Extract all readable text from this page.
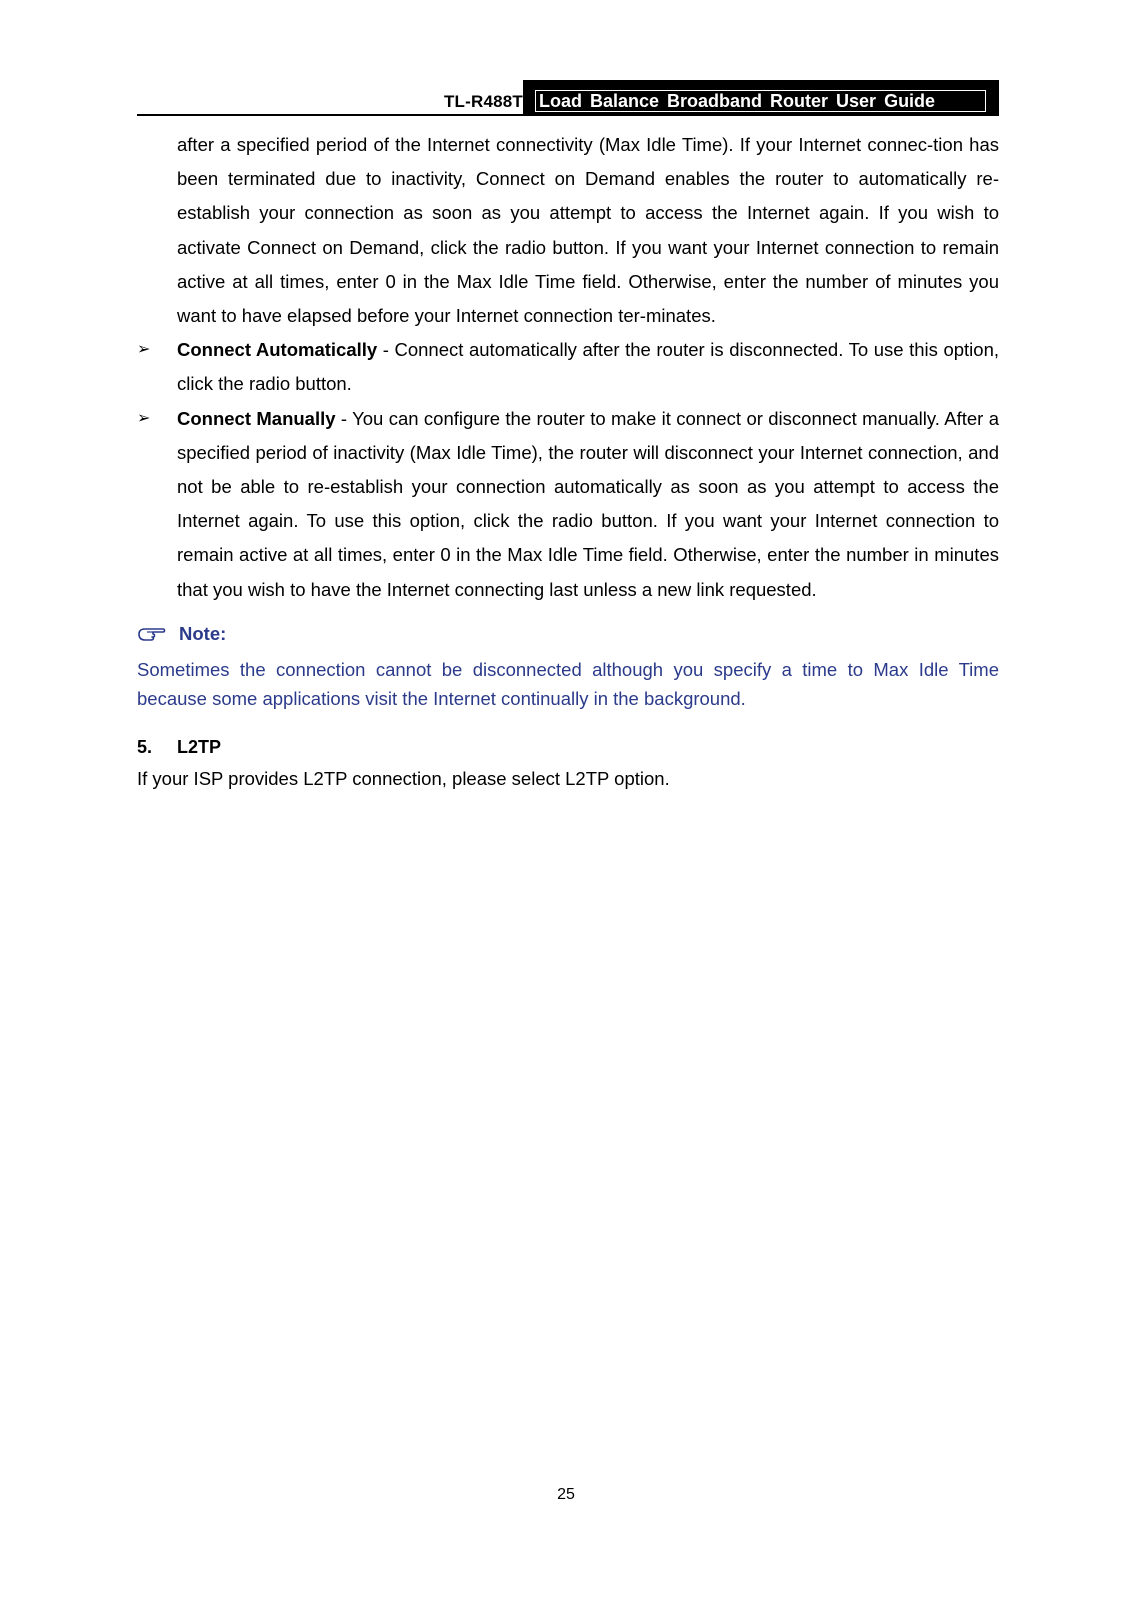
TL-R488T Load Balance Broadband Router User Guide

after a specified period of the Internet connectivity (Max Idle Time). If your Internet connec-tion has been terminated due to inactivity, Connect on Demand enables the router to automatically re-establish your connection as soon as you attempt to access the Internet again. If you wish to activate Connect on Demand, click the radio button. If you want your Internet connection to remain active at all times, enter 0 in the Max Idle Time field. Otherwise, enter the number of minutes you want to have elapsed before your Internet connection ter-minates.

➢ Connect Automatically - Connect automatically after the router is disconnected. To use this option, click the radio button.
➢ Connect Manually - You can configure the router to make it connect or disconnect manually. After a specified period of inactivity (Max Idle Time), the router will disconnect your Internet connection, and not be able to re-establish your connection automatically as soon as you attempt to access the Internet again. To use this option, click the radio button. If you want your Internet connection to remain active at all times, enter 0 in the Max Idle Time field. Otherwise, enter the number in minutes that you wish to have the Internet connecting last unless a new link requested.
Note:

Sometimes the connection cannot be disconnected although you specify a time to Max Idle Time because some applications visit the Internet continually in the background.

5. L2TP

If your ISP provides L2TP connection, please select L2TP option.

25
